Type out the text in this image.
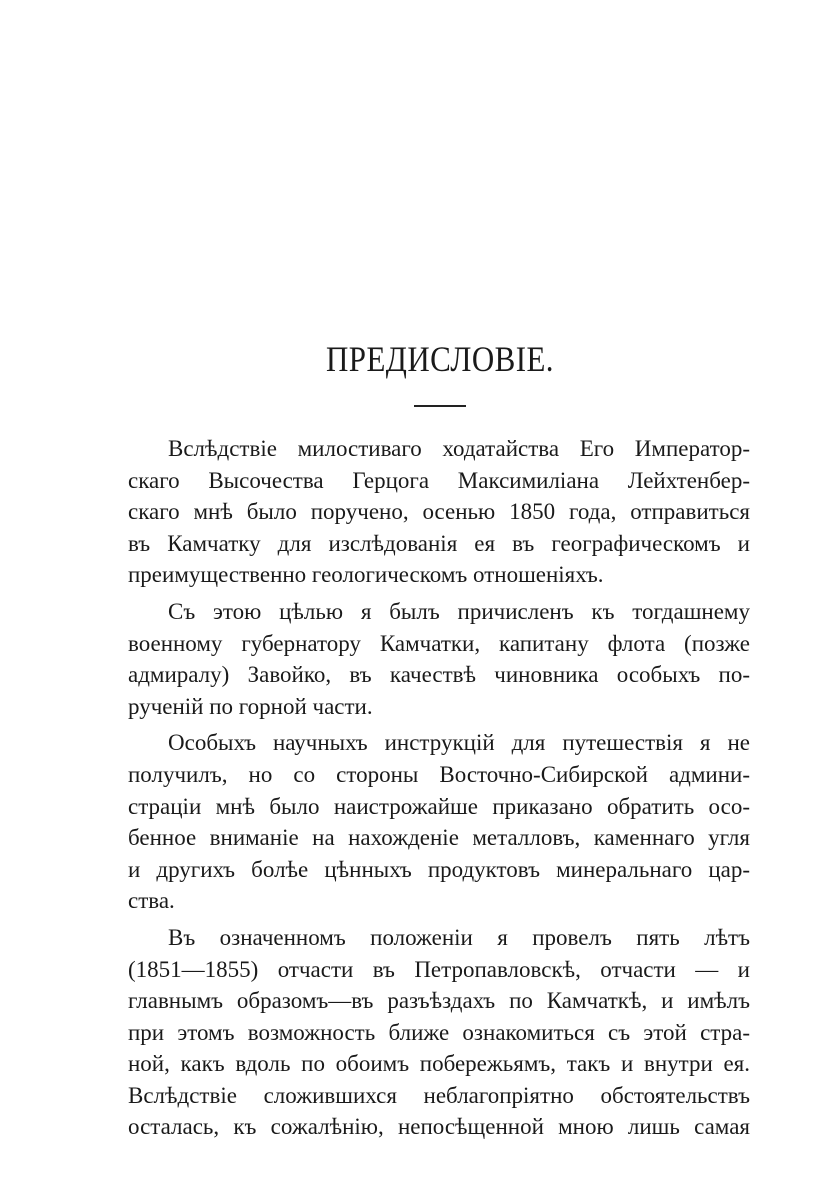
ПРЕДИСЛОВІЕ.

Вслѣдствіе милостиваго ходатайства Его Император-
скаго Высочества Герцога Максимиліана Лейхтенбер-
скаго мнѣ было поручено, осенью 1850 года, отправиться
въ Камчатку для изслѣдованія ея въ географическомъ и
преимущественно геологическомъ отношеніяхъ.

Съ этою цѣлью я былъ причисленъ къ тогдашнему
военному губернатору Камчатки, капитану флота (позже
адмиралу) Завойко, въ качествѣ чиновника особыхъ по-
рученій по горной части.

Особыхъ научныхъ инструкцій для путешествія я не
получилъ, но со стороны Восточно-Сибирской админи-
страціи мнѣ было наистрожайше приказано обратить осо-
бенное вниманіе на нахожденіе металловъ, каменнаго угля
и другихъ болѣе цѣнныхъ продуктовъ минеральнаго цар-
ства.

Въ означенномъ положеніи я провелъ пять лѣтъ
(1851—1855) отчасти въ Петропавловскѣ, отчасти — и
главнымъ образомъ—въ разъѣздахъ по Камчаткѣ, и имѣлъ
при этомъ возможность ближе ознакомиться съ этой стра-
ной, какъ вдоль по обоимъ побережьямъ, такъ и внутри ея.
Вслѣдствіе сложившихся неблагопріятно обстоятельствъ
осталась, къ сожалѣнію, непосѣщенной мною лишь самая
